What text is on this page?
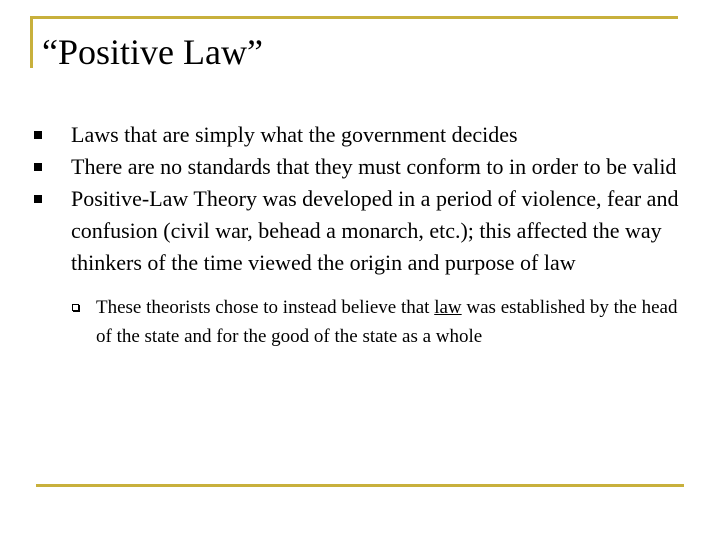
“Positive Law”
Laws that are simply what the government decides
There are no standards that they must conform to in order to be valid
Positive-Law Theory was developed in a period of violence, fear and confusion (civil war, behead a monarch, etc.); this affected the way thinkers of the time viewed the origin and purpose of law
These theorists chose to instead believe that law was established by the head of the state and for the good of the state as a whole
